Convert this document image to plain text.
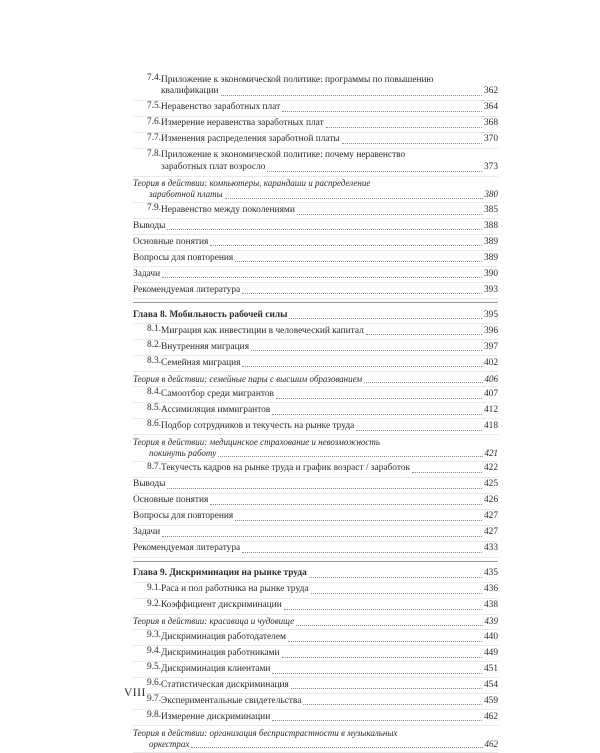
7.4. Приложение к экономической политике: программы по повышению
квалификации	362
7.5. Неравенство заработных плат	364
7.6. Измерение неравенства заработных плат	368
7.7. Изменения распределения заработной платы	370
7.8. Приложение к экономической политике: почему неравенство
заработных плат возросло	373
Теория в действии: компьютеры, карандаши и распределение
заработной платы	380
7.9. Неравенство между поколениями	385
Выводы	388
Основные понятия	389
Вопросы для повторения	389
Задачи	390
Рекомендуемая литература	393
Глава 8. Мобильность рабочей силы	395
8.1. Миграция как инвестиции в человеческий капитал	396
8.2. Внутренняя миграция	397
8.3. Семейная миграция	402
Теория в действии: семейные пары с высшим образованием	406
8.4. Самоотбор среди мигрантов	407
8.5. Ассимиляция иммигрантов	412
8.6. Подбор сотрудников и текучесть на рынке труда	418
Теория в действии: медицинское страхование и невозможность
покинуть работу	421
8.7. Текучесть кадров на рынке труда и график возраст / заработок	422
Выводы	425
Основные понятия	426
Вопросы для повторения	427
Задачи	427
Рекомендуемая литература	433
Глава 9. Дискриминация на рынке труда	435
9.1. Раса и пол работника на рынке труда	436
9.2. Коэффициент дискриминации	438
Теория в действии: красавица и чудовище	439
9.3. Дискриминация работодателем	440
9.4. Дискриминация работниками	449
9.5. Дискриминация клиентами	451
9.6. Статистическая дискриминация	454
9.7. Экспериментальные свидетельства	459
9.8. Измерение дискриминации	462
Теория в действии: организация беспристрастности в музыкальных
оркестрах	462
VIII
